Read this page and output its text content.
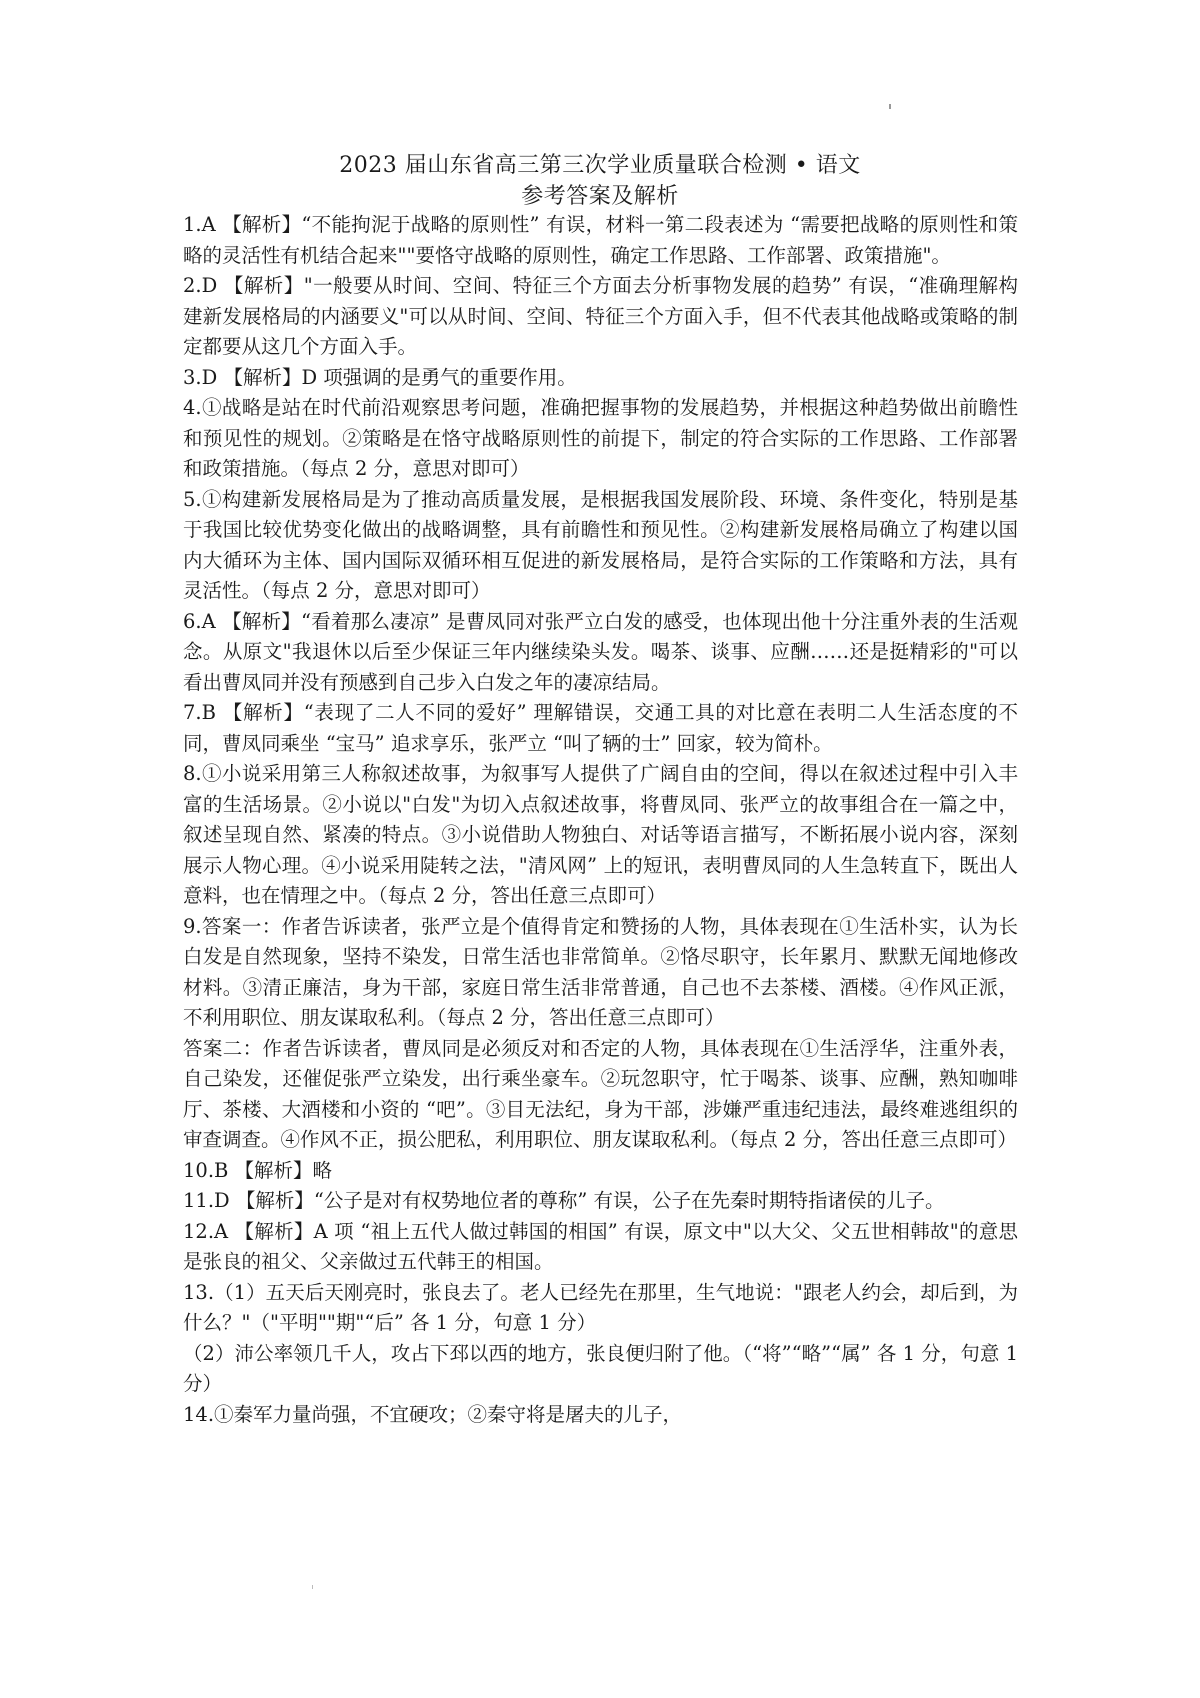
2023 届山东省高三第三次学业质量联合检测 • 语文
参考答案及解析

1.A 【解析】“不能拘泥于战略的原则性” 有误，材料一第二段表述为 “需要把战略的原则性和策略的灵活性有机结合起来""要恪守战略的原则性，确定工作思路、工作部署、政策措施"。

2.D 【解析】"一般要从时间、空间、特征三个方面去分析事物发展的趋势” 有误，“准确理解构建新发展格局的内涵要义"可以从时间、空间、特征三个方面入手，但不代表其他战略或策略的制定都要从这几个方面入手。

3.D 【解析】D 项强调的是勇气的重要作用。

4.①战略是站在时代前沿观察思考问题，准确把握事物的发展趋势，并根据这种趋势做出前瞻性和预见性的规划。②策略是在恪守战略原则性的前提下，制定的符合实际的工作思路、工作部署和政策措施。（每点 2 分，意思对即可）

5.①构建新发展格局是为了推动高质量发展，是根据我国发展阶段、环境、条件变化，特别是基于我国比较优势变化做出的战略调整，具有前瞻性和预见性。②构建新发展格局确立了构建以国内大循环为主体、国内国际双循环相互促进的新发展格局，是符合实际的工作策略和方法，具有灵活性。（每点 2 分，意思对即可）

6.A 【解析】“看着那么凄凉” 是曹凤同对张严立白发的感受，也体现出他十分注重外表的生活观念。从原文"我退休以后至少保证三年内继续染头发。喝茶、谈事、应酬……还是挺精彩的"可以看出曹凤同并没有预感到自己步入白发之年的凄凉结局。

7.B 【解析】“表现了二人不同的爱好” 理解错误，交通工具的对比意在表明二人生活态度的不同，曹凤同乘坐 “宝马” 追求享乐，张严立 “叫了辆的士” 回家，较为简朴。

8.①小说采用第三人称叙述故事，为叙事写人提供了广阔自由的空间，得以在叙述过程中引入丰富的生活场景。②小说以"白发"为切入点叙述故事，将曹凤同、张严立的故事组合在一篇之中，叙述呈现自然、紧凑的特点。③小说借助人物独白、对话等语言描写，不断拓展小说内容，深刻展示人物心理。④小说采用陡转之法，"清风网” 上的短讯，表明曹凤同的人生急转直下，既出人意料，也在情理之中。（每点 2 分，答出任意三点即可）

9.答案一：作者告诉读者，张严立是个值得肯定和赞扬的人物，具体表现在①生活朴实，认为长白发是自然现象，坚持不染发，日常生活也非常简单。②恪尽职守，长年累月、默默无闻地修改材料。③清正廉洁，身为干部，家庭日常生活非常普通，自己也不去茶楼、酒楼。④作风正派，不利用职位、朋友谋取私利。（每点 2 分，答出任意三点即可）

答案二：作者告诉读者，曹凤同是必须反对和否定的人物，具体表现在①生活浮华，注重外表，自己染发，还催促张严立染发，出行乘坐豪车。②玩忽职守，忙于喝茶、谈事、应酬，熟知咖啡厅、茶楼、大酒楼和小资的 “吧”。③目无法纪，身为干部，涉嫌严重违纪违法，最终难逃组织的审查调查。④作风不正，损公肥私，利用职位、朋友谋取私利。（每点 2 分，答出任意三点即可）

10.B 【解析】略

11.D 【解析】“公子是对有权势地位者的尊称” 有误，公子在先秦时期特指诸侯的儿子。

12.A 【解析】A 项 “祖上五代人做过韩国的相国” 有误，原文中"以大父、父五世相韩故"的意思是张良的祖父、父亲做过五代韩王的相国。

13.（1）五天后天刚亮时，张良去了。老人已经先在那里，生气地说："跟老人约会，却后到，为什么？"（"平明""期"“后” 各 1 分，句意 1 分）

（2）沛公率领几千人，攻占下邳以西的地方，张良便归附了他。（“将”“略”“属” 各 1 分，句意 1 分）

14.①秦军力量尚强，不宜硬攻；②秦守将是屠夫的儿子，
